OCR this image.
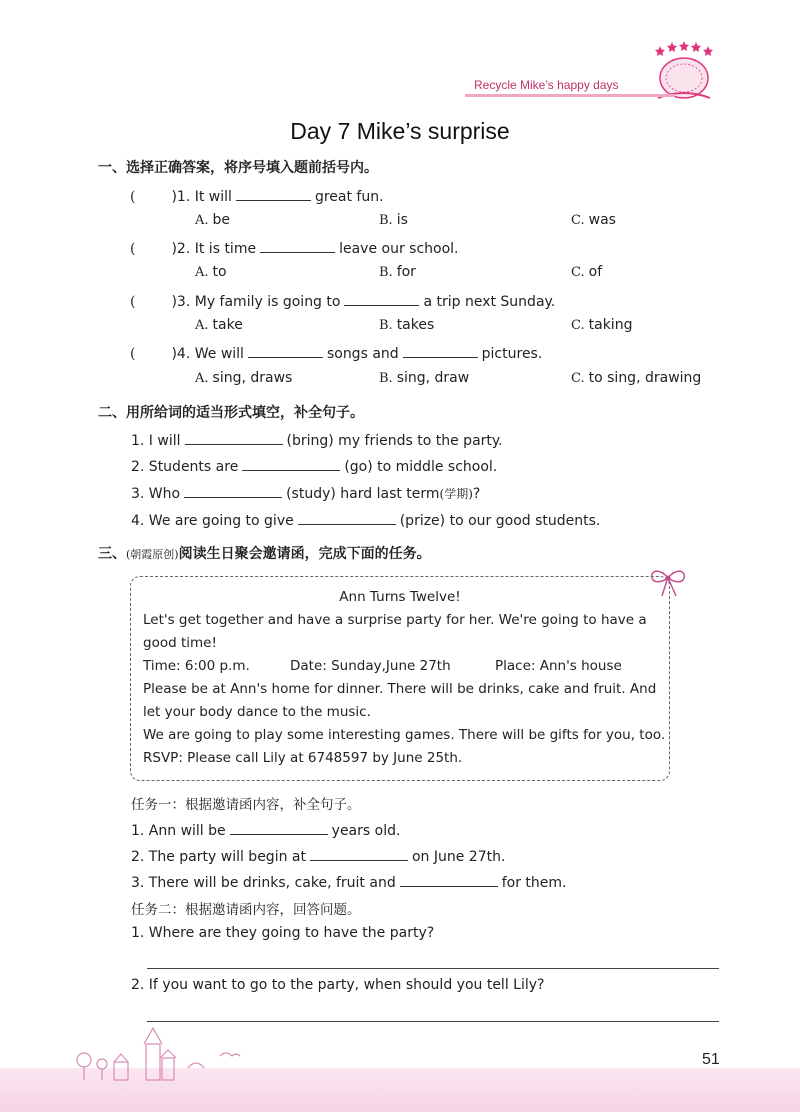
Recycle Mike’s happy days
Day 7 Mike’s surprise
一、选择正确答案，将序号填入题前括号内。
(	)1. It will	great fun.
A. be	B. is	C. was
(	)2. It is time	leave our school.
A. to	B. for	C. of
(	)3. My family is going to	a trip next Sunday.
A. take	B. takes	C. taking
(	)4. We will	songs and	pictures.
A. sing, draws	B. sing, draw	C. to sing, drawing
二、用所给词的适当形式填空，补全句子。
1. I will	(bring) my friends to the party.
2. Students are	(go) to middle school.
3. Who	(study) hard last term(学期)?
4. We are going to give	(prize) to our good students.
三、(朝霞原创)阅读生日聚会邀请函，完成下面的任务。
Ann Turns Twelve!
Let's get together and have a surprise party for her. We're going to have a
good time!
Time: 6:00 p.m.	Date: Sunday,June 27th	Place: Ann's house
Please be at Ann's home for dinner. There will be drinks, cake and fruit. And
let your body dance to the music.
We are going to play some interesting games. There will be gifts for you, too.
RSVP: Please call Lily at 6748597 by June 25th.
任务一：根据邀请函内容，补全句子。
1. Ann will be	years old.
2. The party will begin at	on June 27th.
3. There will be drinks, cake, fruit and	for them.
任务二：根据邀请函内容，回答问题。
1. Where are they going to have the party?
2. If you want to go to the party, when should you tell Lily?
51
